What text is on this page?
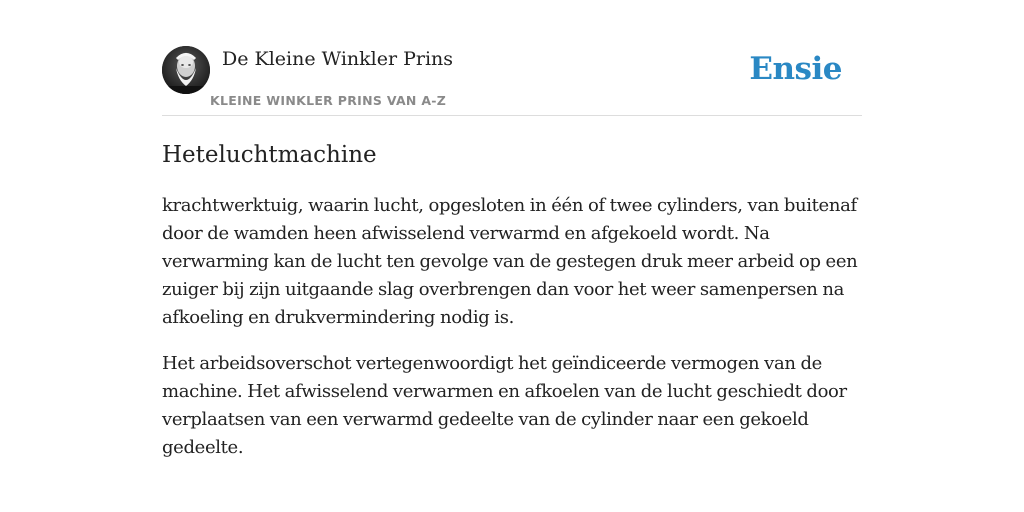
De Kleine Winkler Prins
KLEINE WINKLER PRINS VAN A-Z
Ensie
Heteluchtmachine

krachtwerktuig, waarin lucht, opgesloten in één of twee cylinders, van buitenaf door de wamden heen afwisselend verwarmd en afgekoeld wordt. Na verwarming kan de lucht ten gevolge van de gestegen druk meer arbeid op een zuiger bij zijn uitgaande slag overbrengen dan voor het weer samenpersen na afkoeling en drukvermindering nodig is.

Het arbeidsoverschot vertegenwoordigt het geïndiceerde vermogen van de machine. Het afwisselend verwarmen en afkoelen van de lucht geschiedt door verplaatsen van een verwarmd gedeelte van de cylinder naar een gekoeld gedeelte.
